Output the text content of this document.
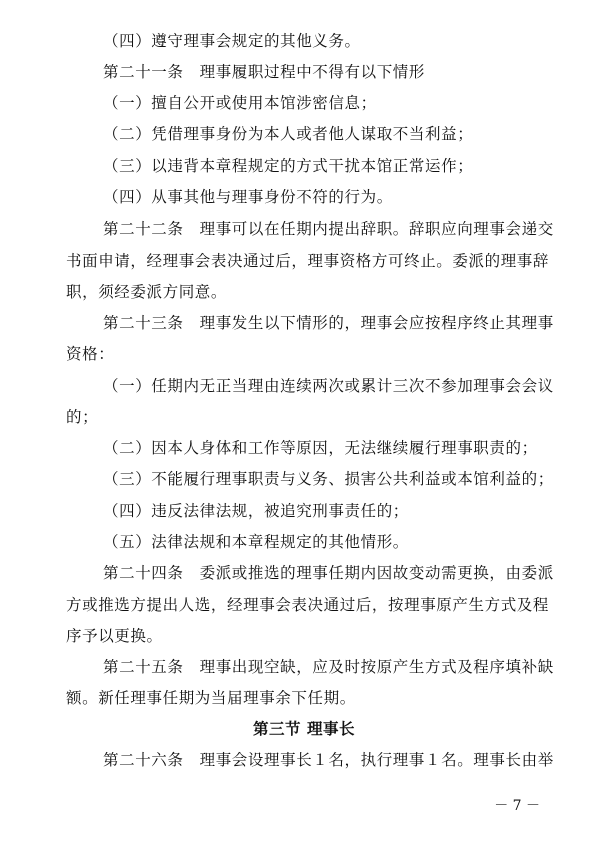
（四）遵守理事会规定的其他义务。
第二十一条　理事履职过程中不得有以下情形
（一）擅自公开或使用本馆涉密信息；
（二）凭借理事身份为本人或者他人谋取不当利益；
（三）以违背本章程规定的方式干扰本馆正常运作；
（四）从事其他与理事身份不符的行为。
第二十二条　理事可以在任期内提出辞职。辞职应向理事会递交
书面申请，经理事会表决通过后，理事资格方可终止。委派的理事辞
职，须经委派方同意。
第二十三条　理事发生以下情形的，理事会应按程序终止其理事
资格：
（一）任期内无正当理由连续两次或累计三次不参加理事会会议
的；
（二）因本人身体和工作等原因，无法继续履行理事职责的；
（三）不能履行理事职责与义务、损害公共利益或本馆利益的；
（四）违反法律法规，被追究刑事责任的；
（五）法律法规和本章程规定的其他情形。
第二十四条　委派或推选的理事任期内因故变动需更换，由委派
方或推选方提出人选，经理事会表决通过后，按理事原产生方式及程
序予以更换。
第二十五条　理事出现空缺，应及时按原产生方式及程序填补缺
额。新任理事任期为当届理事余下任期。
第三节 理事长
第二十六条　理事会设理事长１名，执行理事１名。理事长由举
－ 7 －
